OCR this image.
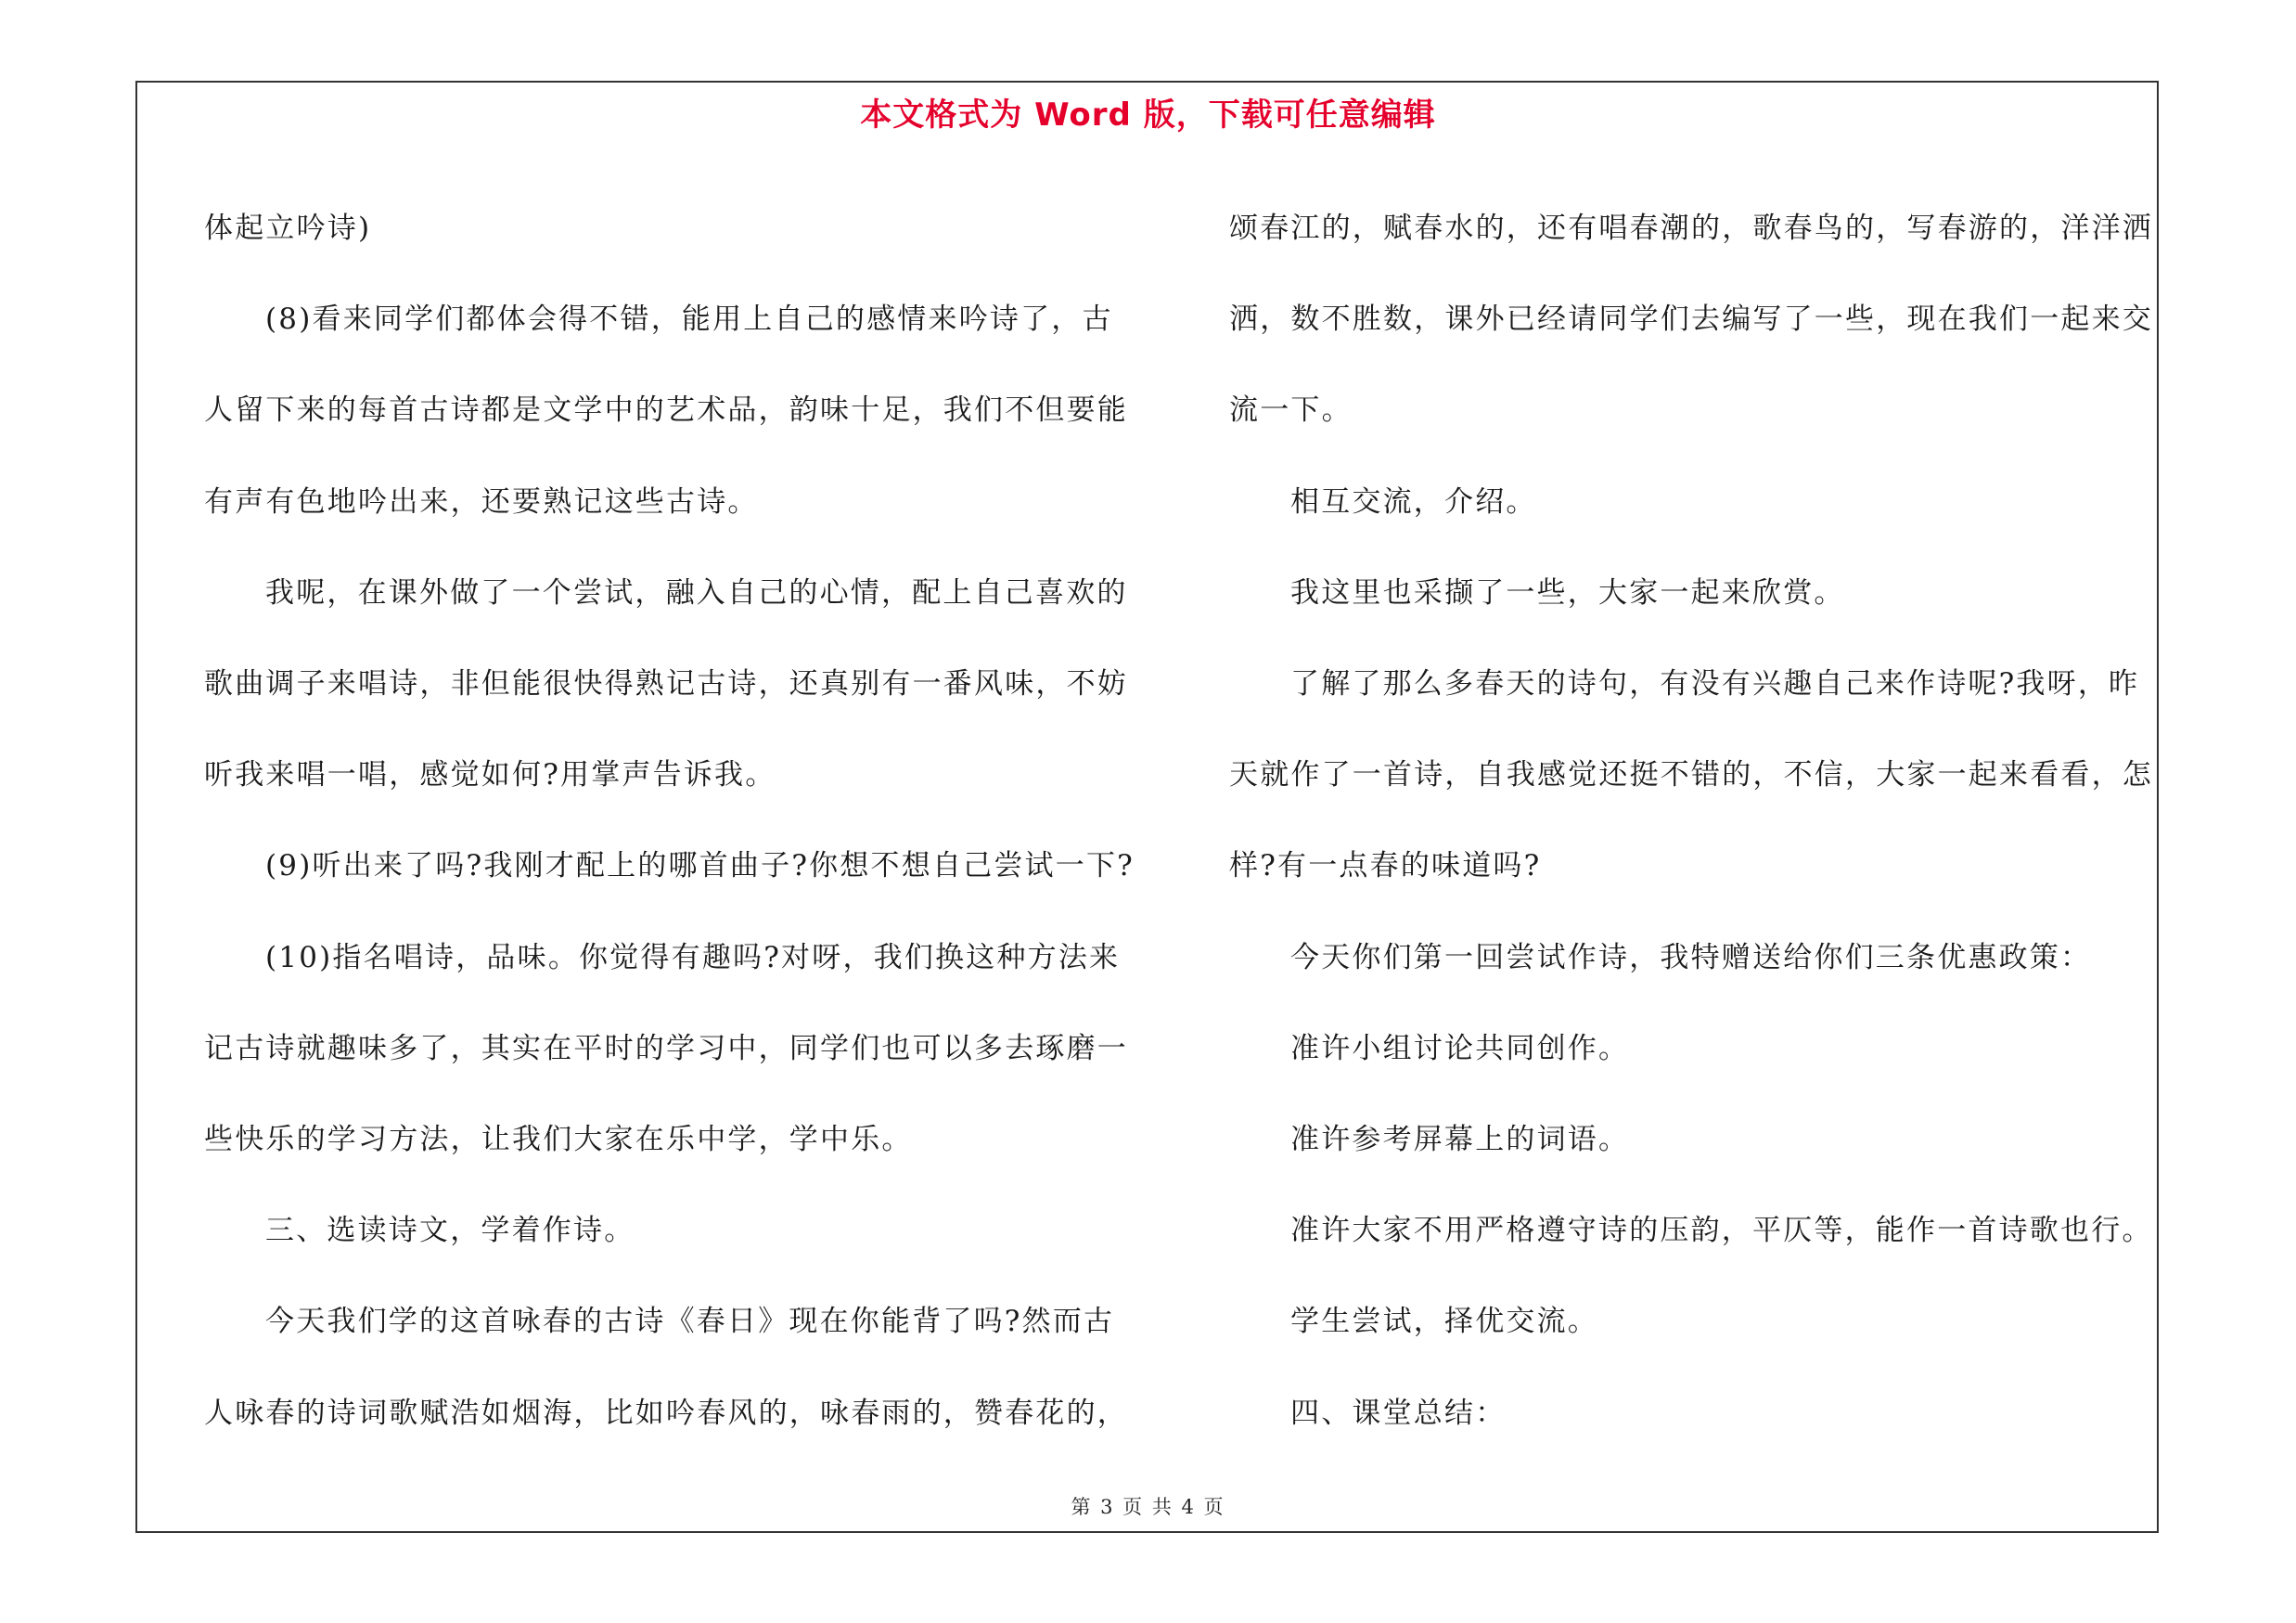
本文格式为 Word 版，下载可任意编辑

体起立吟诗)

(8)看来同学们都体会得不错，能用上自己的感情来吟诗了，古

人留下来的每首古诗都是文学中的艺术品，韵味十足，我们不但要能

有声有色地吟出来，还要熟记这些古诗。

我呢，在课外做了一个尝试，融入自己的心情，配上自己喜欢的

歌曲调子来唱诗，非但能很快得熟记古诗，还真别有一番风味，不妨

听我来唱一唱，感觉如何?用掌声告诉我。

(9)听出来了吗?我刚才配上的哪首曲子?你想不想自己尝试一下?

(10)指名唱诗，品味。你觉得有趣吗?对呀，我们换这种方法来

记古诗就趣味多了，其实在平时的学习中，同学们也可以多去琢磨一

些快乐的学习方法，让我们大家在乐中学，学中乐。

三、选读诗文，学着作诗。

今天我们学的这首咏春的古诗《春日》现在你能背了吗?然而古

人咏春的诗词歌赋浩如烟海，比如吟春风的，咏春雨的，赞春花的，

颂春江的，赋春水的，还有唱春潮的，歌春鸟的，写春游的，洋洋洒

洒，数不胜数，课外已经请同学们去编写了一些，现在我们一起来交

流一下。

相互交流，介绍。

我这里也采撷了一些，大家一起来欣赏。

了解了那么多春天的诗句，有没有兴趣自己来作诗呢?我呀，昨

天就作了一首诗，自我感觉还挺不错的，不信，大家一起来看看，怎

样?有一点春的味道吗?

今天你们第一回尝试作诗，我特赠送给你们三条优惠政策：

准许小组讨论共同创作。

准许参考屏幕上的词语。

准许大家不用严格遵守诗的压韵，平仄等，能作一首诗歌也行。

学生尝试，择优交流。

四、课堂总结：

第 3 页 共 4 页
